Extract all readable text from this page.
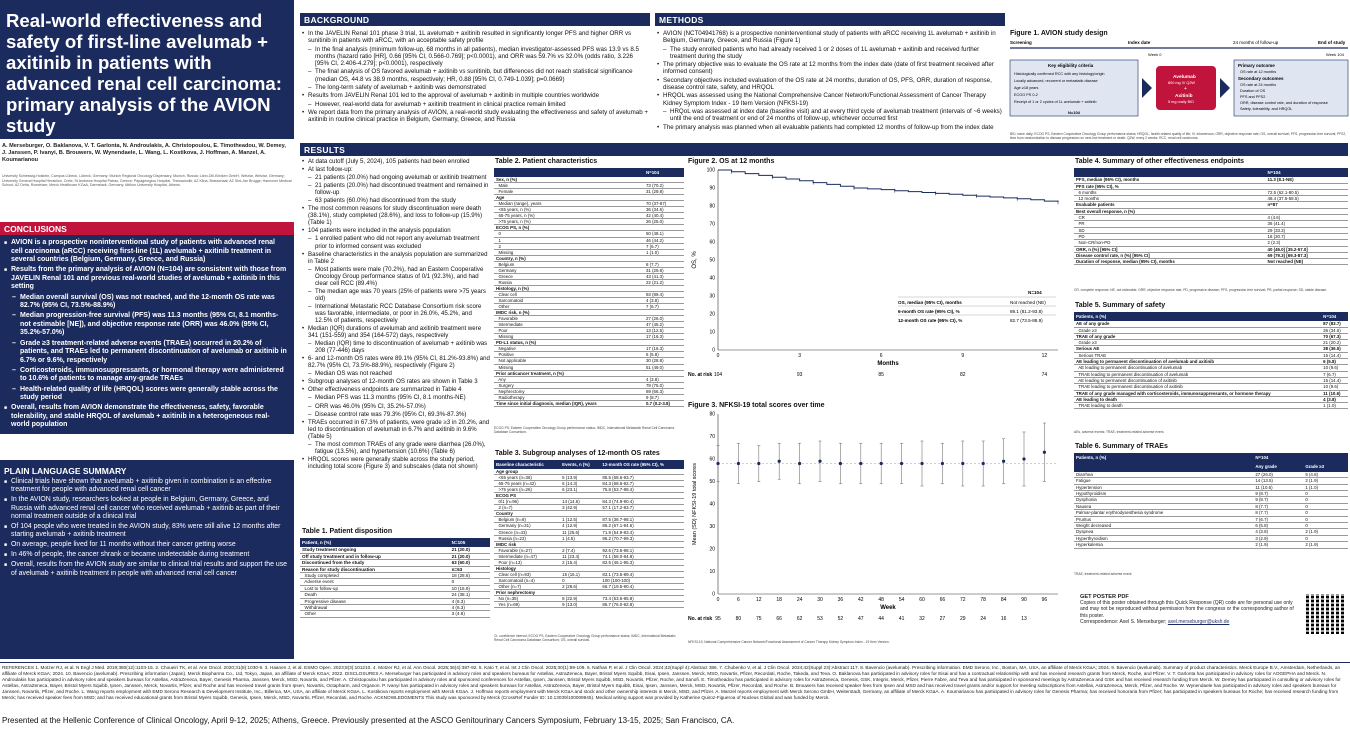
Real-world effectiveness and safety of first-line avelumab + axitinib in patients with advanced renal cell carcinoma: primary analysis of the AVION study
A. Merseburger, O. Baklanova, V. T. Garlonta, N. Androulakis, A. Christopoulou, E. Timotheadou, W. Demey, J. Janssen, P. Ivanyi, B. Brouwers, W. Wynendaele, L. Wang, L. Kostikova, J. Hoffman, A. Manzel, A. Koumarianou
University Schleswig-Holstein, Campus Lübeck, Lübeck, Germany; Munich Regional Oncology Dispensary, Munich, Russia; Lahn-Dill-Kliniken GmbH, Wetzlar, Wetzlar, Germany; University General Hospital Heraklion, Crete; St Andrews Hospital Patras, Greece; Papageorgiou Hospital, Thessaloniki; AZ Klina, Brasschaat; AZ Sint-Jan Brugge; Hannover Medical School; AZ Delta, Roeselare; Merck Healthcare KGaA, Darmstadt, Germany; Attikon University Hospital, Athens.
CONCLUSIONS
■ AVION is a prospective noninterventional study of patients with advanced renal cell carcinoma (aRCC) receiving first-line (1L) avelumab + axitinib treatment in several countries (Belgium, Germany, Greece, and Russia)
■ Results from the primary analysis of AVION (N=104) are consistent with those from JAVELIN Renal 101 and previous real-world studies of avelumab + axitinib in this setting
– Median overall survival (OS) was not reached, and the 12-month OS rate was 82.7% (95% CI, 73.5%-88.9%)
– Median progression-free survival (PFS) was 11.3 months (95% CI, 8.1 months-not estimable [NE]), and objective response rate (ORR) was 46.0% (95% CI, 35.2%-57.0%)
– Grade ≥3 treatment-related adverse events (TRAEs) occurred in 20.2% of patients, and TRAEs led to permanent discontinuation of avelumab or axitinib in 6.7% or 9.6%, respectively
– Corticosteroids, immunosuppressants, or hormonal therapy were administered to 10.6% of patients to manage any-grade TRAEs
– Health-related quality of life (HRQOL) scores were generally stable across the study period
■ Overall, results from AVION demonstrate the effectiveness, safety, favorable tolerability, and stable HRQOL of avelumab + axitinib in a heterogeneous real-world population
■ Clinical trials have shown that avelumab + axitinib given in combination is an effective treatment for people with advanced renal cell cancer
■ In the AVION study, researchers looked at people in Belgium, Germany, Greece, and Russia with advanced renal cell cancer who received avelumab + axitinib as part of their normal treatment outside of a clinical trial
■ Of 104 people who were treated in the AVION study, 83% were still alive 12 months after starting avelumab + axitinib treatment
■ On average, people lived for 11 months without their cancer getting worse
■ In 46% of people, the cancer shrank or became undetectable during treatment
■ Overall, results from the AVION study are similar to clinical trial results and support the use of avelumab + axitinib treatment in people with advanced renal cell cancer
PLAIN LANGUAGE SUMMARY
BACKGROUND
• In the JAVELIN Renal 101 phase 3 trial, 1L avelumab + axitinib resulted in significantly longer PFS and higher ORR vs sunitinib in patients with aRCC, with an acceptable safety profile
– In the final analysis (minimum follow-up, 68 months in all patients), median investigator-assessed PFS was 13.9 vs 8.5 months (hazard ratio [HR], 0.66 [95% CI, 0.566-0.769]; p<0.0001), and ORR was 59.7% vs 32.0% (odds ratio, 3.226 [95% CI, 2.406-4.279]; p<0.0001), respectively
– The final analysis of OS favored avelumab + axitinib vs sunitinib, but differences did not reach statistical significance (median OS, 44.8 vs 38.9 months, respectively; HR, 0.88 [95% CI, 0.749-1.039]; p=0.0669)
– The long-term safety of avelumab + axitinib was demonstrated
• Results from JAVELIN Renal 101 led to the approval of avelumab + axitinib in multiple countries worldwide
– However, real-world data for avelumab + axitinib treatment in clinical practice remain limited
• We report data from the primary analysis of AVION, a real-world study evaluating the effectiveness and safety of avelumab + axitinib in routine clinical practice in Belgium, Germany, Greece, and Russia
METHODS
• AVION (NCT04941768) is a prospective noninterventional study of patients with aRCC receiving 1L avelumab + axitinib in Belgium, Germany, Greece, and Russia (Figure 1)
– The study enrolled patients who had already received 1 or 2 doses of 1L avelumab + axitinib and received further treatment during the study
• The primary objective was to evaluate the OS rate at 12 months from the index date (date of first treatment received after informed consent)
• Secondary objectives included evaluation of the OS rate at 24 months, duration of OS, PFS, ORR, duration of response, disease control rate, safety, and HRQOL
• HRQOL was assessed using the National Comprehensive Cancer Network/Functional Assessment of Cancer Therapy Kidney Symptom Index - 19 Item Version (NFKSI-19)
– HRQoL was assessed at index date (baseline visit) and at every third cycle of avelumab treatment (intervals of ~6 weeks) until the end of treatment or end of 24 months of follow-up, whichever occurred first
• The primary analysis was planned when all evaluable patients had completed 12 months of follow-up from the index date
Figure 1. AVION study design
Screening	Index date	24 months of follow-up	End of study
Week 0	Week 104
Key eligibility criteria
Histologically confirmed RCC with any histology/origin
Locally advanced, recurrent or metastatic disease
Age ≥18 years
ECOG PS 0-2
Receipt of 1 or 2 cycles of 1L avelumab + axitinib
N=104
Avelumab
800 mg IV Q2W
+
Axitinib
5 mg orally BID
Primary outcome
OS rate at 12 months
Secondary outcomes
OS rate at 24 months
Duration of OS
PFS and PFS2
ORR, disease control rate, and duration of response
Safety, tolerability, and HRQOL
BID, twice daily; ECOG PS, Eastern Cooperative Oncology Group performance status; HRQOL, health-related quality of life; IV, intravenous; ORR, objective response rate; OS, overall survival; PFS, progression-free survival; PFS2, time from randomization to disease progression on next-line treatment or death; Q2W, every 2 weeks; RCC, renal cell carcinoma.
RESULTS
• At data cutoff (July 5, 2024), 105 patients had been enrolled
• At last follow-up:
– 21 patients (20.0%) had ongoing avelumab or axitinib treatment
– 21 patients (20.0%) had discontinued treatment and remained in follow-up
– 63 patients (60.0%) had discontinued from the study
• The most common reasons for study discontinuation were death (38.1%), study completed (28.6%), and loss to follow-up (15.9%) (Table 1)
• 104 patients were included in the analysis population
– 1 enrolled patient who did not report any avelumab treatment prior to informed consent was excluded
• Baseline characteristics in the analysis population are summarized in Table 2
– Most patients were male (70.2%), had an Eastern Cooperative Oncology Group performance status of 0/1 (92.3%), and had clear cell RCC (89.4%)
– The median age was 70 years (25% of patients were >75 years old)
– International Metastatic RCC Database Consortium risk score was favorable, intermediate, or poor in 26.0%, 45.2%, and 12.5% of patients, respectively
• Median (IQR) durations of avelumab and axitinib treatment were 341 (151-559) and 354 (164-572) days, respectively
– Median (IQR) time to discontinuation of avelumab + axitinib was 208 (77-446) days
• 6- and 12-month OS rates were 89.1% (95% CI, 81.2%-93.8%) and 82.7% (95% CI, 73.5%-88.9%), respectively (Figure 2)
– Median OS was not reached
• Subgroup analyses of 12-month OS rates are shown in Table 3
• Other effectiveness endpoints are summarized in Table 4
– Median PFS was 11.3 months (95% CI, 8.1 months-NE)
– ORR was 46.0% (95% CI, 35.2%-57.0%)
– Disease control rate was 79.3% (95% CI, 69.3%-87.3%)
• TRAEs occurred in 67.3% of patients, were grade ≥3 in 20.2%, and led to discontinuation of avelumab in 6.7% and axitinib in 9.6% (Table 5)
– The most common TRAEs of any grade were diarrhea (26.0%), fatigue (13.5%), and hypertension (10.6%) (Table 6)
• HRQOL scores were generally stable across the study period, including total score (Figure 3) and subscales (data not shown)
Table 1. Patient disposition
Patient, n (%)	N=105
Study treatment ongoing	21 (20.0)
Off study treatment and in follow-up	21 (20.0)
Discontinued from the study	63 (60.0)
Reason for study discontinuation	n=63
Study completed	18 (28.6)
Adverse event	0
Lost to follow-up	10 (15.9)
Death	24 (38.1)
Progressive disease	4 (6.3)
Withdrawal	4 (6.3)
Other	3 (4.8)
Table 2. Patient characteristics
	N=104
Sex, n (%)	
Male	73 (70.2)
Female	31 (29.8)
Age	
Median (range), years	70 (37-87)
<65 years, n (%)	36 (34.6)
65-75 years, n (%)	42 (40.4)
>75 years, n (%)	26 (25.0)
ECOG PS, n (%)	
0	50 (48.1)
1	46 (44.2)
2	7 (6.7)
Missing	1 (1.0)
Country, n (%)	
Belgium	8 (7.7)
Germany	31 (29.8)
Greece	43 (41.3)
Russia	22 (21.2)
Histology, n (%)	
Clear cell	93 (89.4)
Sarcomatoid	4 (3.8)
Other	7 (6.7)
IMDC risk, n (%)	
Favorable	27 (26.0)
Intermediate	47 (45.2)
Poor	13 (12.5)
Missing	17 (16.3)
PD-L1 status, n (%)	
Negative	17 (16.3)
Positive	6 (5.8)
Not applicable	30 (28.8)
Missing	51 (49.0)
Prior anticancer treatment, n (%)	
Any	4 (3.8)
Surgery	78 (75.0)
Nephrectomy	69 (66.3)
Radiotherapy	9 (8.7)
Time since initial diagnosis, median (IQR), years	0.7 (0.2-3.8)
ECOG PS, Eastern Cooperative Oncology Group performance status; IMDC, International Metastatic Renal Cell Carcinoma Database Consortium.
Table 3. Subgroup analyses of 12-month OS rates
Baseline characteristic	Events, n (%)	12-month OS rate (95% CI), %
Age group		
<65 years (n=36)	5 (13.9)	85.5 (68.6-93.7)
65-75 years (n=42)	6 (14.3)	84.3 (68.6-92.7)
>75 years (n=26)	6 (23.1)	75.8 (53.7-88.4)
ECOG PS		
0/1 (n=96)	14 (14.6)	84.3 (74.9-90.4)
2 (n=7)	3 (42.9)	57.1 (17.2-83.7)
Country		
Belgium (n=8)	1 (12.5)	87.5 (38.7-98.1)
Germany (n=31)	4 (12.9)	86.2 (67.1-94.6)
Greece (n=43)	11 (25.6)	71.9 (54.9-83.4)
Russia (n=22)	1 (4.5)	95.2 (70.7-99.3)
IMDC risk		
Favorable (n=27)	2 (7.4)	92.6 (73.5-98.1)
Intermediate (n=47)	11 (23.4)	74.1 (58.0-84.8)
Poor (n=13)	2 (15.4)	82.5 (46.1-95.3)
Histology		
Clear cell (n=93)	15 (16.1)	83.1 (73.5-89.4)
Sarcomatoid (n=4)	0	100 (100-100)
Other (n=7)	2 (28.6)	66.7 (19.5-90.4)
Prior nephrectomy		
No (n=35)	8 (22.9)	73.4 (53.6-85.8)
Yes (n=69)	9 (13.0)	86.7 (76.0-92.8)
CI, confidence interval; ECOG PS, Eastern Cooperative Oncology Group performance status; IMDC, International Metastatic Renal Cell Carcinoma Database Consortium; OS, overall survival.
Figure 2. OS at 12 months
0
10
20
30
40
50
60
70
80
90
100
0	3	6	9	12
OS, %
Months
No. at risk 104	93	85	82	74
N=104
OS, median (95% CI), months	Not reached (NE)
6-month OS rate (95% CI), %	89.1 (81.2-93.8)
12-month OS rate (95% CI), %	82.7 (73.5-88.9)
Figure 3. NFKSI-19 total scores over time
0
10
20
30
40
50
60
70
80
0	6	12	18	24	30	36	42	48	54	60	66	72	78	84	90	96
Mean (SD) NFKSI-19 total scores
Week
No. at risk 95	80	75	66	62	53	52	47	44	41	32	27	29	24	16	13
NFKSI-19, National Comprehensive Cancer Network/Functional Assessment of Cancer Therapy Kidney Symptom Index - 19 Item Version.
Table 4. Summary of other effectiveness endpoints
	N=104
PFS, median (95% CI), months	11.3 (8.1-NE)
PFS rate (95% CI), %	
6 months	72.5 (62.1-80.5)
12 months	48.4 (37.5-58.5)
Evaluable patients	n=87
Best overall response, n (%)	
CR	4 (4.6)
PR	36 (41.4)
SD	29 (33.3)
PD	18 (20.7)
Non-CR/non-PD	2 (2.3)
ORR, n (%) [95% CI]	40 (46.0) [35.2-57.0]
Disease control rate, n (%) [95% CI]	69 (79.3) [69.3-87.3]
Duration of response, median (95% CI), months	Not reached (NE)
CR, complete response; NE, not estimable; ORR, objective response rate; PD, progressive disease; PFS, progression-free survival; PR, partial response; SD, stable disease.
Table 5. Summary of safety
Patients, n (%)	N=104
AE of any grade	87 (83.7)
Grade ≥3	36 (34.6)
TRAE of any grade	70 (67.3)
Grade ≥3	21 (20.2)
Serious AE	38 (36.5)
Serious TRAE	15 (14.4)
AE leading to permanent discontinuation of avelumab and axitinib	6 (5.8)
AE leading to permanent discontinuation of avelumab	10 (9.6)
TRAE leading to permanent discontinuation of avelumab	7 (6.7)
AE leading to permanent discontinuation of axitinib	15 (14.4)
TRAE leading to permanent discontinuation of axitinib	10 (9.6)
TRAE of any grade managed with corticosteroids, immunosuppressants, or hormone therapy	11 (10.6)
AE leading to death	4 (3.8)
TRAE leading to death	1 (1.0)
AEs, adverse events; TRAE, treatment-related adverse event.
Table 6. Summary of TRAEs
Patients, n (%)	N=104	
	Any grade	Grade ≥3
Diarrhea	27 (26.0)	5 (4.8)
Fatigue	14 (13.5)	2 (1.9)
Hypertension	11 (10.6)	1 (1.0)
Hypothyroidism	9 (8.7)	0
Dysphonia	9 (8.7)	0
Nausea	8 (7.7)	0
Palmar-plantar erythrodysesthesia syndrome	8 (7.7)	0
Pruritus	7 (6.7)	0
Weight decreased	6 (5.8)	0
Dyspnea	4 (3.8)	2 (1.9)
Hyperthyroidism	3 (2.9)	0
Hyperkalemia	2 (1.9)	2 (1.9)
TRAE, treatment-related adverse event.
GET POSTER PDF
Copies of this poster obtained through this Quick Response (QR) code are for personal use only and may not be reproduced without permission from the congress or the corresponding author of this poster.
Correspondence: Axel S. Merseburger; axel.merseburger@uksh.de
REFERENCES 1. Motzer RJ, et al. N Engl J Med. 2019;380(12):1103-15. 2. Choueiri TK, et al. Ann Oncol. 2020;31(8):1030-9. 3. Haanen J, et al. ESMO Open. 2023;8(3):101210. 4. Motzer RJ, et al. Ann Oncol. 2025;36(4):387-92. 5. Kato T, et al. Int J Clin Oncol. 2025;30(1):99-109. 6. Nathan P, et al. J Clin Oncol. 2024;42(Suppl 4):Abstract 386. 7. Chubenko V, et al. J Clin Oncol. 2024;42(Suppl 23):Abstract 117. 8. Bavencio (avelumab). Prescribing information. EMD Serono, Inc., Boston, MA, USA, an affiliate of Merck KGaA; 2024. 9. Bavencio (avelumab). Summary of product characteristics. Merck Europe B.V., Amsterdam, Netherlands, an affiliate of Merck KGaA; 2024. 10. Bavencio (avelumab). Prescribing information (Japan). Merck Biopharma Co., Ltd, Tokyo, Japan, an affiliate of Merck KGaA; 2022. DISCLOSURES A. Merseburger has participated in advisory roles and speakers bureaus for Astellas, AstraZeneca, Bayer, Bristol Myers Squibb, Eisai, Ipsen, Janssen, Merck, MSD, Novartis, Pfizer, Recordati, Roche, Takeda, and Teva. O. Baklanova has participated in advisory roles for Eisai and has a contractual relationship with and has received research grants from Merck, Roche, and Pfizer. V. T. Garlonta has participated in advisory roles for AOGEPHA and Merck. N. Androulakis has participated in advisory roles and speakers bureaus for Astellas, AstraZeneca, Bayer, Genesis Pharma, Janssen, Merck, MSD, Novartis, and Pfizer. A. Christopoulou has participated in advisory roles and sponsored conferences for Astellas, Ipsen, Janssen, Bristol Myers Squibb, MSD, Novartis, Pfizer, Roche, and Sanofi. E. Timotheadou has participated in advisory roles for AstraZeneca, Genesis, GSK, Integris, Merck, Pfizer, Pierre Fabre, and Teva and has participated in sponsored meetings by AstraZeneca and GSK and has received research funding from Merck. W. Demey has participated in consulting or advisory roles for Astellas, AstraZeneca, Bayer, Bristol Myers Squibb, Ipsen, Janssen, Merck, Novartis, Pfizer, and Roche and has received travel grants from Ipsen, Novartis, Octapharm, and Organon. P. Ivanyi has participated in advisory roles and speakers bureaus for Astellas, AstraZeneca, Bayer, Bristol Myers Squibb, Eisai, Ipsen, Janssen, Merck, MSD, Novartis, Pfizer, Recordati, and Roche. B. Brouwers has received speaker fees from Ipsen and MSD and has received travel grants and/or support for meeting subscriptions from Astellas, AstraZeneca, Merck, Pfizer, and Roche. W. Wynendaele has participated in advisory roles and speakers bureaus for Janssen, Novartis, Pfizer, and Roche. L. Wang reports employment with EMD Serono Research & Development Institute, Inc., Billerica, MA, USA, an affiliate of Merck KGaA. L. Kostikova reports employment with Merck KGaA. J. Hoffman reports employment with Merck KGaA and stock and other ownership interests in Merck, MSD, and Pfizer. A. Manzel reports employment with Merck Serono GmbH, Weiterstadt, Germany, an affiliate of Merck KGaA. A. Koumarianou has participated in advisory roles for Genesis Pharma; has received honoraria from Pfizer; has participated in speakers bureaus for Roche; has received research funding from Merck; has received speaker fees from MSD; and has received educational grants from Bristol Myers Squibb, Genesis, Ipsen, Merck, MSD, Novartis, Pfizer, Recordati, and Roche. ACKNOWLEDGMENTS This study was sponsored by Merck (CrossRef Funder ID: 10.13039/100009945). Medical writing support was provided by Katherine Quiroz-Figueroa of Nucleus Global and was funded by Merck.
Presented at the Hellenic Conference of Clinical Oncology, April 9-12, 2025; Athens, Greece. Previously presented at the ASCO Genitourinary Cancers Symposium, February 13-15, 2025; San Francisco, CA.
